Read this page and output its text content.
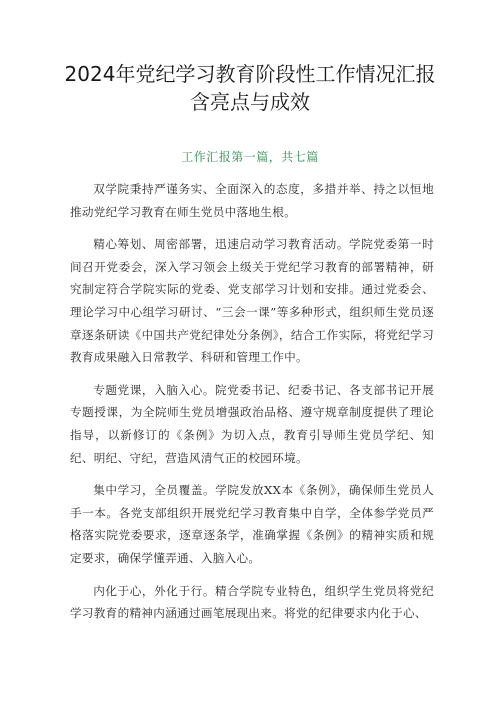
2024年党纪学习教育阶段性工作情况汇报
含亮点与成效
工作汇报第一篇，共七篇

双学院秉持严谨务实、全面深入的态度，多措并举、持之以恒地推动党纪学习教育在师生党员中落地生根。

精心筹划、周密部署，迅速启动学习教育活动。学院党委第一时间召开党委会，深入学习领会上级关于党纪学习教育的部署精神，研究制定符合学院实际的党委、党支部学习计划和安排。通过党委会、理论学习中心组学习研讨、“三会一课”等多种形式，组织师生党员逐章逐条研读《中国共产党纪律处分条例》，结合工作实际，将党纪学习教育成果融入日常教学、科研和管理工作中。

专题党课，入脑入心。院党委书记、纪委书记、各支部书记开展专题授课，为全院师生党员增强政治品格、遵守规章制度提供了理论指导，以新修订的《条例》为切入点，教育引导师生党员学纪、知纪、明纪、守纪，营造风清气正的校园环境。

集中学习，全员覆盖。学院发放XX本《条例》，确保师生党员人手一本。各党支部组织开展党纪学习教育集中自学，全体参学党员严格落实院党委要求，逐章逐条学，准确掌握《条例》的精神实质和规定要求，确保学懂弄通、入脑入心。

内化于心，外化于行。精合学院专业特色，组织学生党员将党纪学习教育的精神内涵通过画笔展现出来。将党的纪律要求内化于心、
